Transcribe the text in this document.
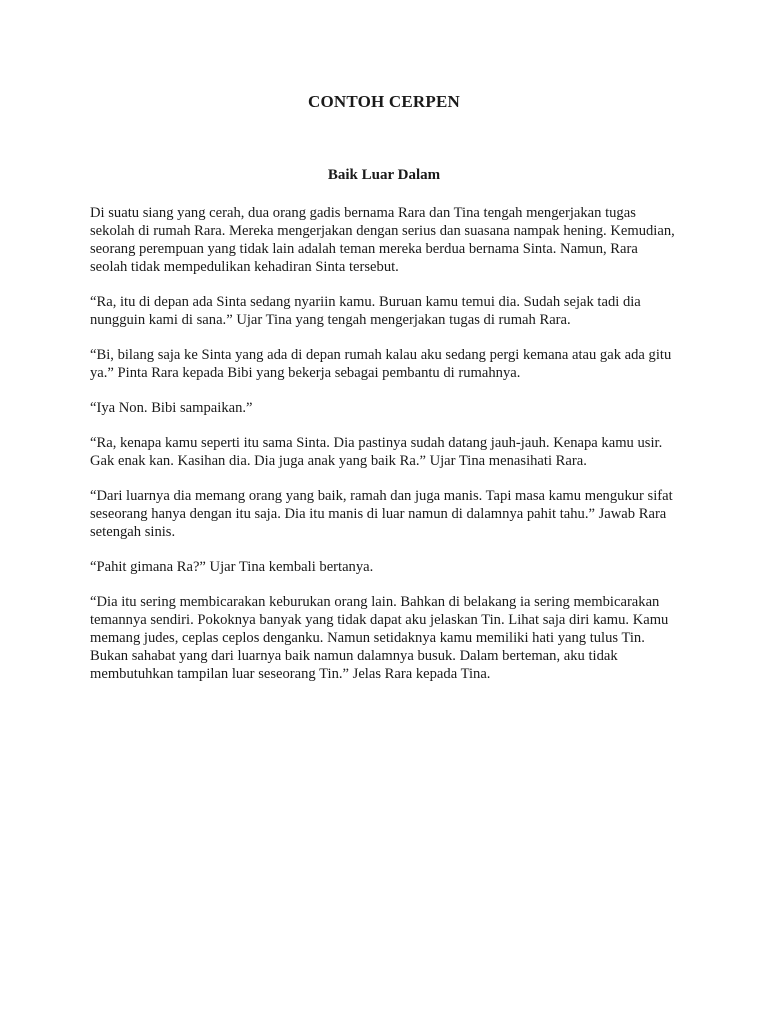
CONTOH CERPEN
Baik Luar Dalam

Di suatu siang yang cerah, dua orang gadis bernama Rara dan Tina tengah mengerjakan tugas sekolah di rumah Rara. Mereka mengerjakan dengan serius dan suasana nampak hening. Kemudian, seorang perempuan yang tidak lain adalah teman mereka berdua bernama Sinta. Namun, Rara seolah tidak mempedulikan kehadiran Sinta tersebut.

“Ra, itu di depan ada Sinta sedang nyariin kamu. Buruan kamu temui dia. Sudah sejak tadi dia nungguin kami di sana.” Ujar Tina yang tengah mengerjakan tugas di rumah Rara.

“Bi, bilang saja ke Sinta yang ada di depan rumah kalau aku sedang pergi kemana atau gak ada gitu ya.” Pinta Rara kepada Bibi yang bekerja sebagai pembantu di rumahnya.

“Iya Non. Bibi sampaikan.”

“Ra, kenapa kamu seperti itu sama Sinta. Dia pastinya sudah datang jauh-jauh. Kenapa kamu usir. Gak enak kan. Kasihan dia. Dia juga anak yang baik Ra.” Ujar Tina menasihati Rara.

“Dari luarnya dia memang orang yang baik, ramah dan juga manis. Tapi masa kamu mengukur sifat seseorang hanya dengan itu saja. Dia itu manis di luar namun di dalamnya pahit tahu.” Jawab Rara setengah sinis.

“Pahit gimana Ra?” Ujar Tina kembali bertanya.

“Dia itu sering membicarakan keburukan orang lain. Bahkan di belakang ia sering membicarakan temannya sendiri. Pokoknya banyak yang tidak dapat aku jelaskan Tin. Lihat saja diri kamu. Kamu memang judes, ceplas ceplos denganku. Namun setidaknya kamu memiliki hati yang tulus Tin. Bukan sahabat yang dari luarnya baik namun dalamnya busuk. Dalam berteman, aku tidak membutuhkan tampilan luar seseorang Tin.” Jelas Rara kepada Tina.
